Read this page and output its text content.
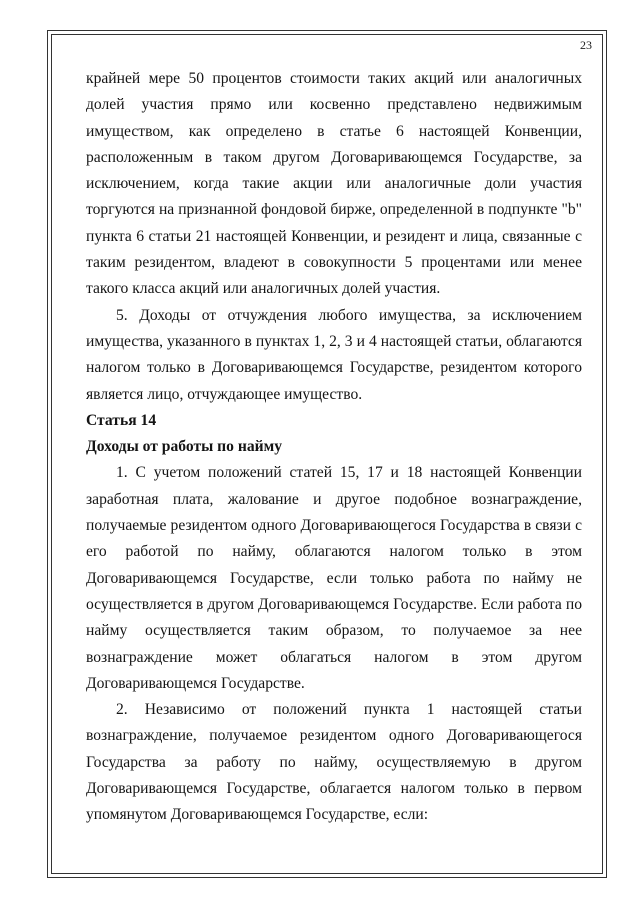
23

крайней мере 50 процентов стоимости таких акций или аналогичных долей участия прямо или косвенно представлено недвижимым имуществом, как определено в статье 6 настоящей Конвенции, расположенным в таком другом Договаривающемся Государстве, за исключением, когда такие акции или аналогичные доли участия торгуются на признанной фондовой бирже, определенной в подпункте "b" пункта 6 статьи 21 настоящей Конвенции, и резидент и лица, связанные с таким резидентом, владеют в совокупности 5 процентами или менее такого класса акций или аналогичных долей участия.

5. Доходы от отчуждения любого имущества, за исключением имущества, указанного в пунктах 1, 2, 3 и 4 настоящей статьи, облагаются налогом только в Договаривающемся Государстве, резидентом которого является лицо, отчуждающее имущество.

Статья 14

Доходы от работы по найму

1. С учетом положений статей 15, 17 и 18 настоящей Конвенции заработная плата, жалование и другое подобное вознаграждение, получаемые резидентом одного Договаривающегося Государства в связи с его работой по найму, облагаются налогом только в этом Договаривающемся Государстве, если только работа по найму не осуществляется в другом Договаривающемся Государстве. Если работа по найму осуществляется таким образом, то получаемое за нее вознаграждение может облагаться налогом в этом другом Договаривающемся Государстве.

2. Независимо от положений пункта 1 настоящей статьи вознаграждение, получаемое резидентом одного Договаривающегося Государства за работу по найму, осуществляемую в другом Договаривающемся Государстве, облагается налогом только в первом упомянутом Договаривающемся Государстве, если:
